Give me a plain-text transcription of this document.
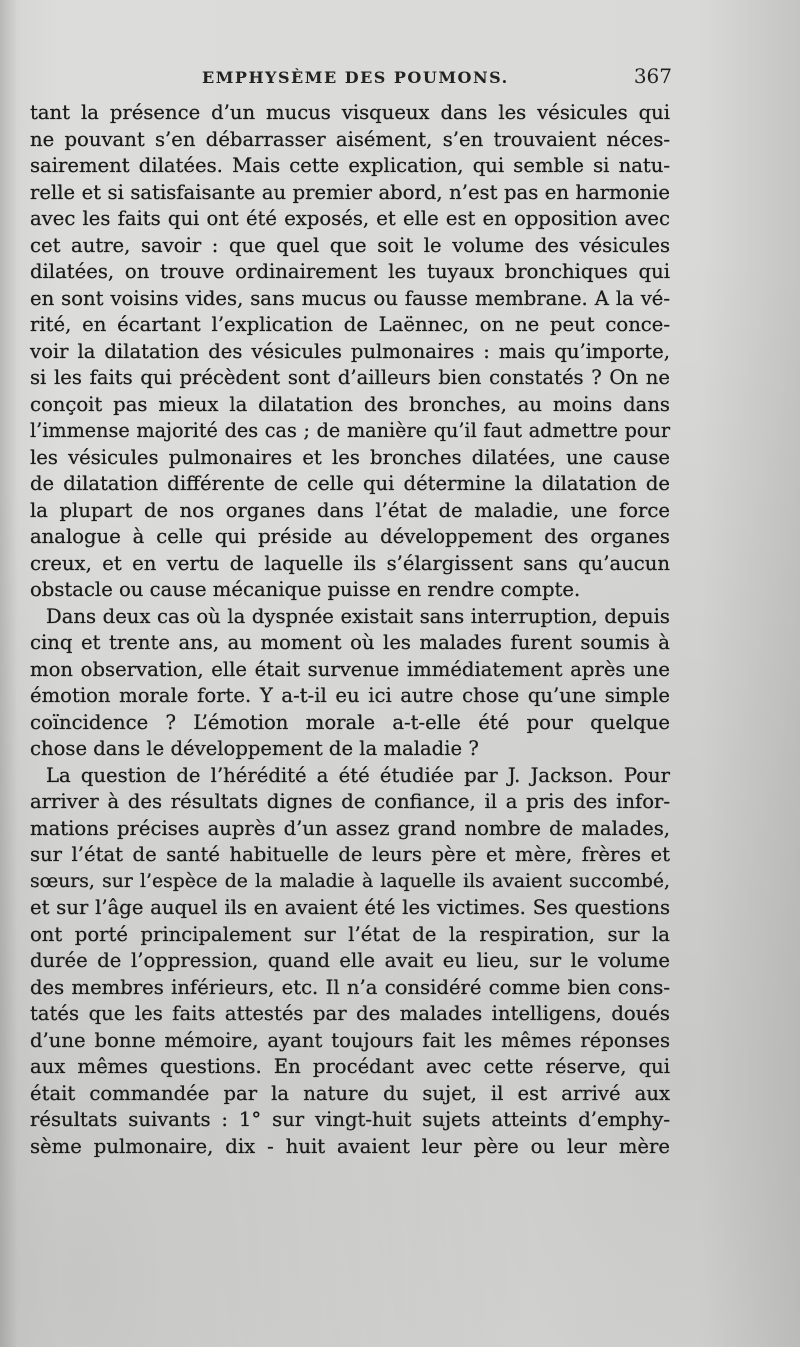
EMPHYSÈME DES POUMONS.	367
tant la présence d’un mucus visqueux dans les vésicules qui
ne pouvant s’en débarrasser aisément, s’en trouvaient néces-
sairement dilatées. Mais cette explication, qui semble si natu-
relle et si satisfaisante au premier abord, n’est pas en harmonie
avec les faits qui ont été exposés, et elle est en opposition avec
cet autre, savoir : que quel que soit le volume des vésicules
dilatées, on trouve ordinairement les tuyaux bronchiques qui
en sont voisins vides, sans mucus ou fausse membrane. A la vé-
rité, en écartant l’explication de Laënnec, on ne peut conce-
voir la dilatation des vésicules pulmonaires : mais qu’importe,
si les faits qui précèdent sont d’ailleurs bien constatés ? On ne
conçoit pas mieux la dilatation des bronches, au moins dans
l’immense majorité des cas ; de manière qu’il faut admettre pour
les vésicules pulmonaires et les bronches dilatées, une cause
de dilatation différente de celle qui détermine la dilatation de
la plupart de nos organes dans l’état de maladie, une force
analogue à celle qui préside au développement des organes
creux, et en vertu de laquelle ils s’élargissent sans qu’aucun
obstacle ou cause mécanique puisse en rendre compte.
Dans deux cas où la dyspnée existait sans interruption, depuis
cinq et trente ans, au moment où les malades furent soumis à
mon observation, elle était survenue immédiatement après une
émotion morale forte. Y a-t-il eu ici autre chose qu’une simple
coïncidence ? L’émotion morale a-t-elle été pour quelque
chose dans le développement de la maladie ?
La question de l’hérédité a été étudiée par J. Jackson. Pour
arriver à des résultats dignes de confiance, il a pris des infor-
mations précises auprès d’un assez grand nombre de malades,
sur l’état de santé habituelle de leurs père et mère, frères et
sœurs, sur l’espèce de la maladie à laquelle ils avaient succombé,
et sur l’âge auquel ils en avaient été les victimes. Ses questions
ont porté principalement sur l’état de la respiration, sur la
durée de l’oppression, quand elle avait eu lieu, sur le volume
des membres inférieurs, etc. Il n’a considéré comme bien cons-
tatés que les faits attestés par des malades intelligens, doués
d’une bonne mémoire, ayant toujours fait les mêmes réponses
aux mêmes questions. En procédant avec cette réserve, qui
était commandée par la nature du sujet, il est arrivé aux
résultats suivants : 1° sur vingt-huit sujets atteints d’emphy-
sème pulmonaire, dix - huit avaient leur père ou leur mère
